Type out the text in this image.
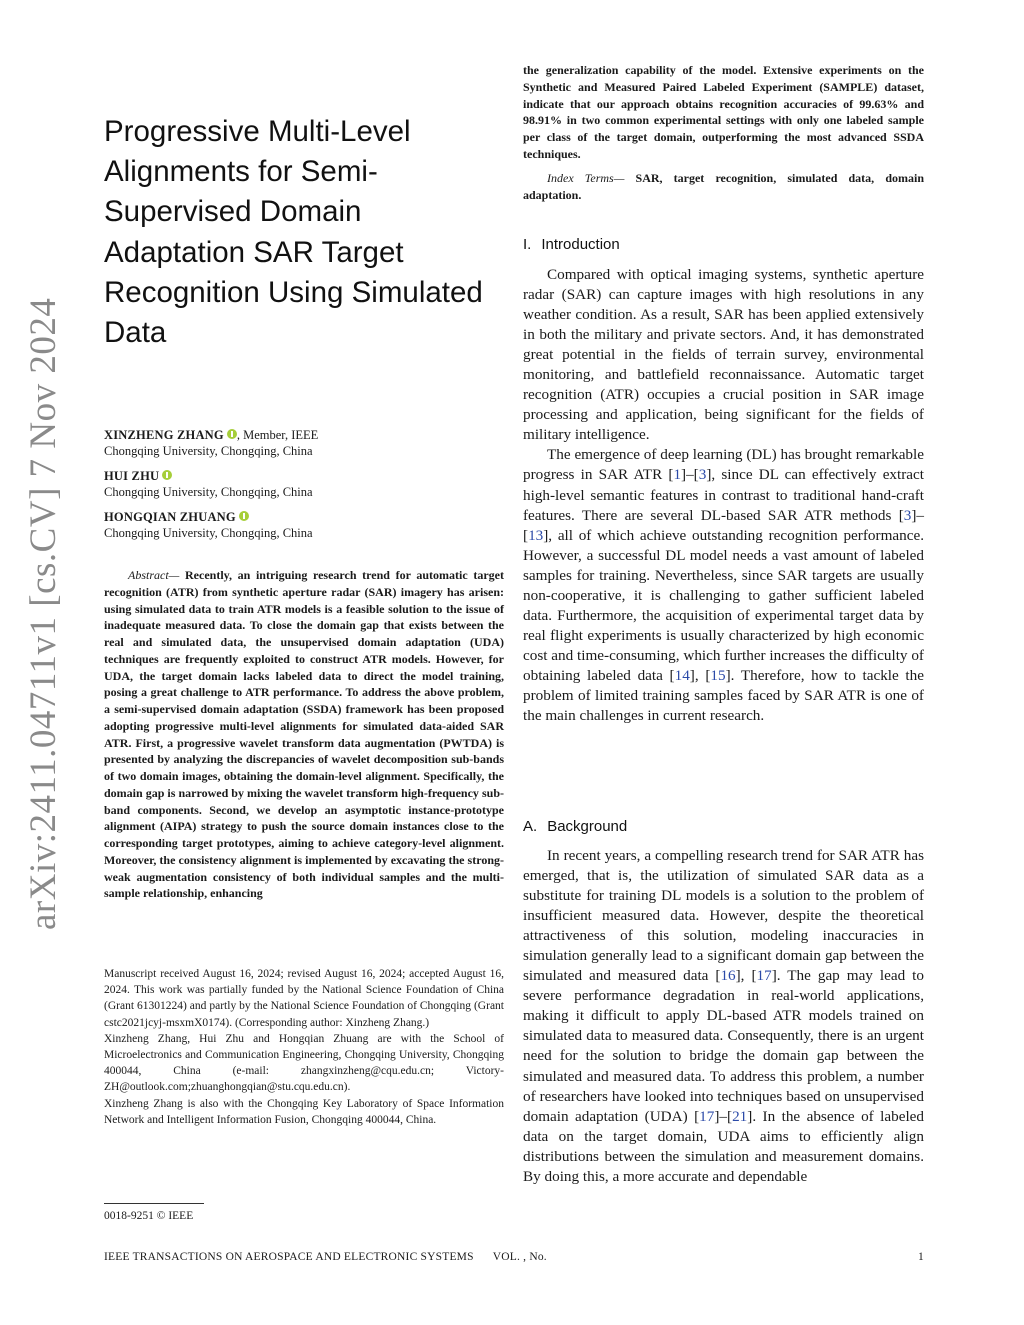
arXiv:2411.04711v1 [cs.CV] 7 Nov 2024
Progressive Multi-Level Alignments for Semi-Supervised Domain Adaptation SAR Target Recognition Using Simulated Data
XINZHENG ZHANG , Member, IEEE
Chongqing University, Chongqing, China
HUI ZHU
Chongqing University, Chongqing, China
HONGQIAN ZHUANG
Chongqing University, Chongqing, China
Abstract— Recently, an intriguing research trend for automatic target recognition (ATR) from synthetic aperture radar (SAR) imagery has arisen: using simulated data to train ATR models is a feasible solution to the issue of inadequate measured data. To close the domain gap that exists between the real and simulated data, the unsupervised domain adaptation (UDA) techniques are frequently exploited to construct ATR models. However, for UDA, the target domain lacks labeled data to direct the model training, posing a great challenge to ATR performance. To address the above problem, a semi-supervised domain adaptation (SSDA) framework has been proposed adopting progressive multi-level alignments for simulated data-aided SAR ATR. First, a progressive wavelet transform data augmentation (PWTDA) is presented by analyzing the discrepancies of wavelet decomposition sub-bands of two domain images, obtaining the domain-level alignment. Specifically, the domain gap is narrowed by mixing the wavelet transform high-frequency sub-band components. Second, we develop an asymptotic instance-prototype alignment (AIPA) strategy to push the source domain instances close to the corresponding target prototypes, aiming to achieve category-level alignment. Moreover, the consistency alignment is implemented by excavating the strong-weak augmentation consistency of both individual samples and the multi-sample relationship, enhancing

Manuscript received August 16, 2024; revised August 16, 2024; accepted August 16, 2024. This work was partially funded by the National Science Foundation of China (Grant 61301224) and partly by the National Science Foundation of Chongqing (Grant cstc2021jcyj-msxmX0174). (Corresponding author: Xinzheng Zhang.)

Xinzheng Zhang, Hui Zhu and Hongqian Zhuang are with the School of Microelectronics and Communication Engineering, Chongqing University, Chongqing 400044, China (e-mail: zhangxinzheng@cqu.edu.cn; Victory-ZH@outlook.com;zhuanghongqian@stu.cqu.edu.cn).

Xinzheng Zhang is also with the Chongqing Key Laboratory of Space Information Network and Intelligent Information Fusion, Chongqing 400044, China.

0018-9251 © IEEE
the generalization capability of the model. Extensive experiments on the Synthetic and Measured Paired Labeled Experiment (SAMPLE) dataset, indicate that our approach obtains recognition accuracies of 99.63% and 98.91% in two common experimental settings with only one labeled sample per class of the target domain, outperforming the most advanced SSDA techniques.
Index Terms— SAR, target recognition, simulated data, domain adaptation.
I. Introduction

Compared with optical imaging systems, synthetic aperture radar (SAR) can capture images with high resolutions in any weather condition. As a result, SAR has been applied extensively in both the military and private sectors. And, it has demonstrated great potential in the fields of terrain survey, environmental monitoring, and battlefield reconnaissance. Automatic target recognition (ATR) occupies a crucial position in SAR image processing and application, being significant for the fields of military intelligence.

The emergence of deep learning (DL) has brought remarkable progress in SAR ATR [1]–[3], since DL can effectively extract high-level semantic features in contrast to traditional hand-craft features. There are several DL-based SAR ATR methods [3]–[13], all of which achieve outstanding recognition performance. However, a successful DL model needs a vast amount of labeled samples for training. Nevertheless, since SAR targets are usually non-cooperative, it is challenging to gather sufficient labeled data. Furthermore, the acquisition of experimental target data by real flight experiments is usually characterized by high economic cost and time-consuming, which further increases the difficulty of obtaining labeled data [14], [15]. Therefore, how to tackle the problem of limited training samples faced by SAR ATR is one of the main challenges in current research.

A. Background

In recent years, a compelling research trend for SAR ATR has emerged, that is, the utilization of simulated SAR data as a substitute for training DL models is a solution to the problem of insufficient measured data. However, despite the theoretical attractiveness of this solution, modeling inaccuracies in simulation generally lead to a significant domain gap between the simulated and measured data [16], [17]. The gap may lead to severe performance degradation in real-world applications, making it difficult to apply DL-based ATR models trained on simulated data to measured data. Consequently, there is an urgent need for the solution to bridge the domain gap between the simulated and measured data. To address this problem, a number of researchers have looked into techniques based on unsupervised domain adaptation (UDA) [17]–[21]. In the absence of labeled data on the target domain, UDA aims to efficiently align distributions between the simulation and measurement domains. By doing this, a more accurate and dependable

IEEE TRANSACTIONS ON AEROSPACE AND ELECTRONIC SYSTEMS VOL. , No.	1
